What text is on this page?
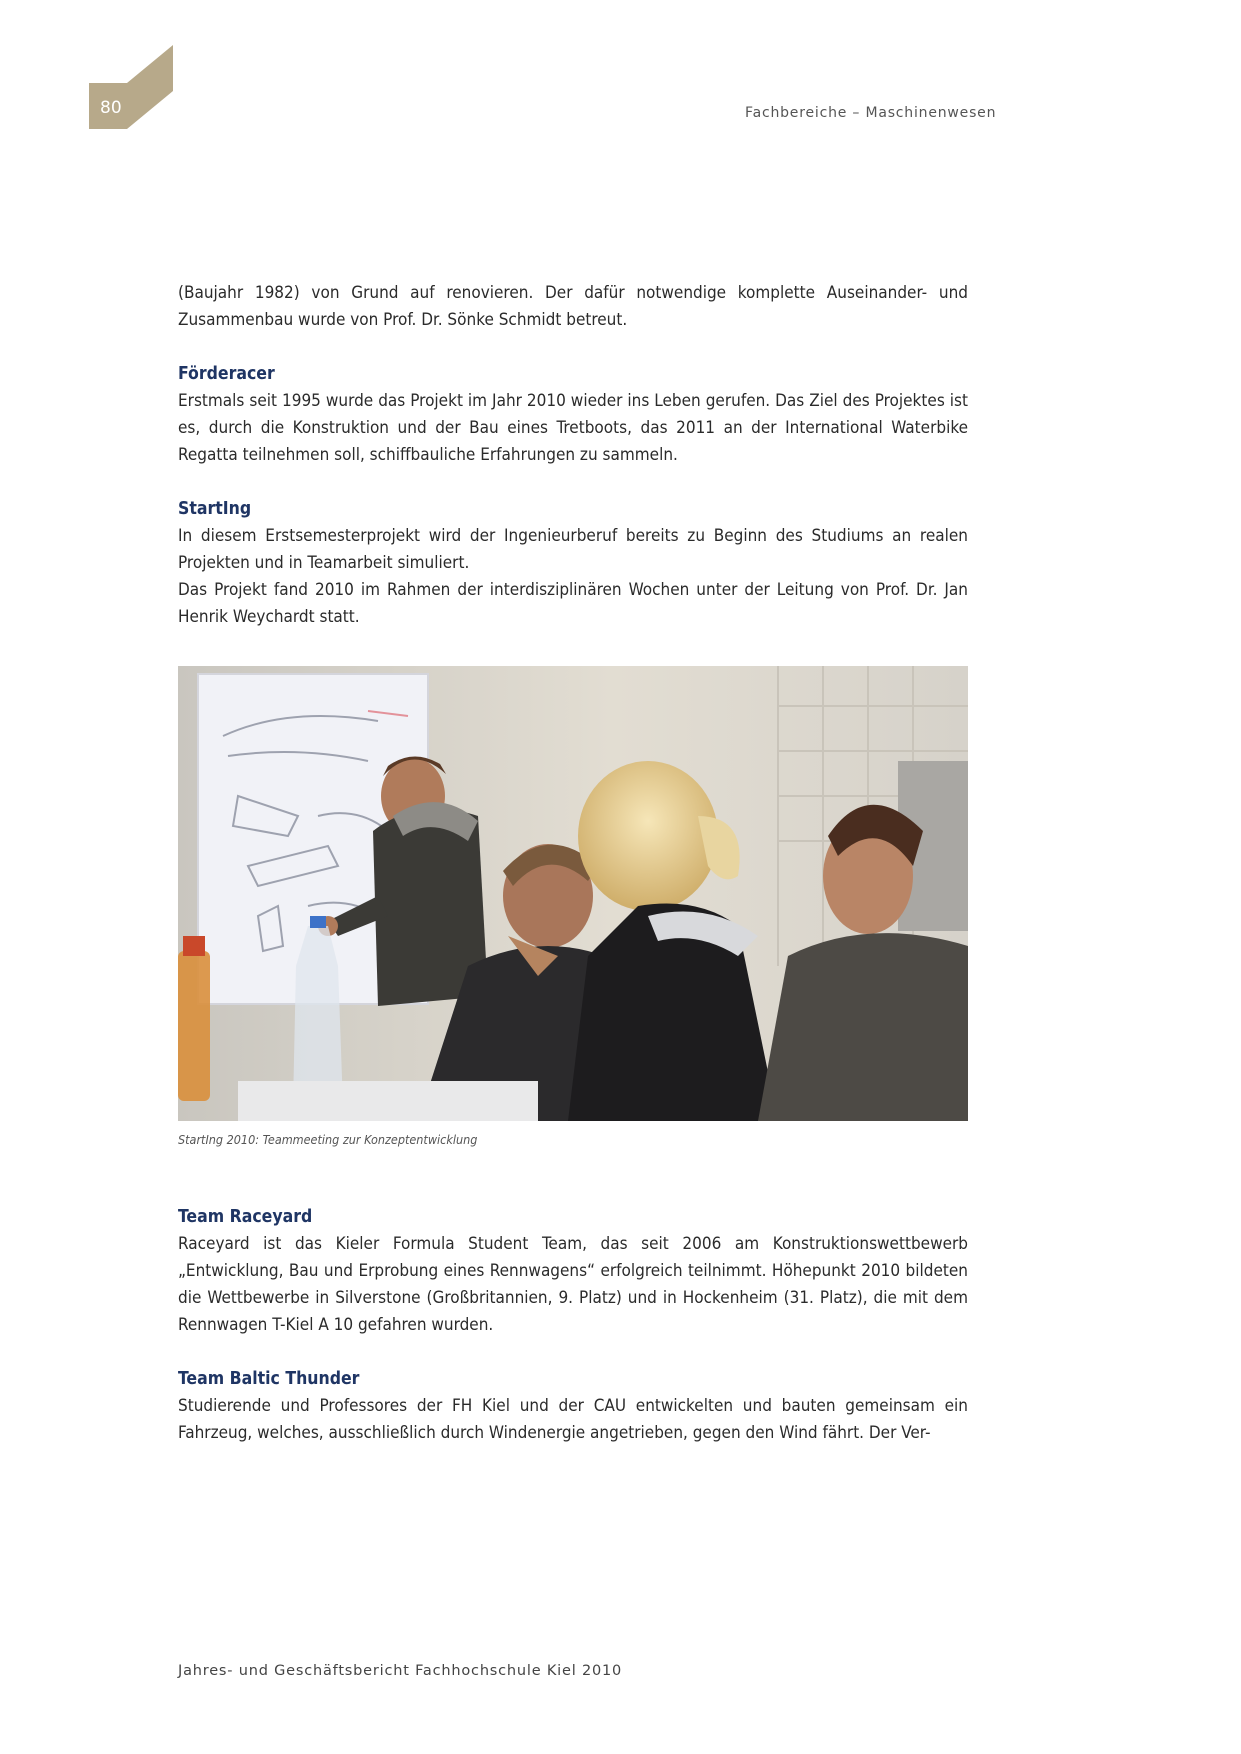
80	Fachbereiche – Maschinenwesen

(Baujahr 1982) von Grund auf renovieren. Der dafür notwendige komplette Auseinander- und Zusammenbau wurde von Prof. Dr. Sönke Schmidt betreut.

Förderacer

Erstmals seit 1995 wurde das Projekt im Jahr 2010 wieder ins Leben gerufen. Das Ziel des Projektes ist es, durch die Konstruktion und der Bau eines Tretboots, das 2011 an der International Waterbike Regatta teilnehmen soll, schiffbauliche Erfahrungen zu sammeln.

StartIng

In diesem Erstsemesterprojekt wird der Ingenieurberuf bereits zu Beginn des Studiums an realen Projekten und in Teamarbeit simuliert.

Das Projekt fand 2010 im Rahmen der interdisziplinären Wochen unter der Leitung von Prof. Dr. Jan Henrik Weychardt statt.

StartIng 2010: Teammeeting zur Konzeptentwicklung

Team Raceyard

Raceyard ist das Kieler Formula Student Team, das seit 2006 am Konstruktionswettbewerb „Entwicklung, Bau und Erprobung eines Rennwagens“ erfolgreich teilnimmt. Höhepunkt 2010 bildeten die Wettbewerbe in Silverstone (Großbritannien, 9. Platz) und in Hockenheim (31. Platz), die mit dem Rennwagen T-Kiel A 10 gefahren wurden.

Team Baltic Thunder

Studierende und Professores der FH Kiel und der CAU entwickelten und bauten gemeinsam ein Fahrzeug, welches, ausschließlich durch Windenergie angetrieben, gegen den Wind fährt. Der Ver-

Jahres- und Geschäftsbericht Fachhochschule Kiel 2010
